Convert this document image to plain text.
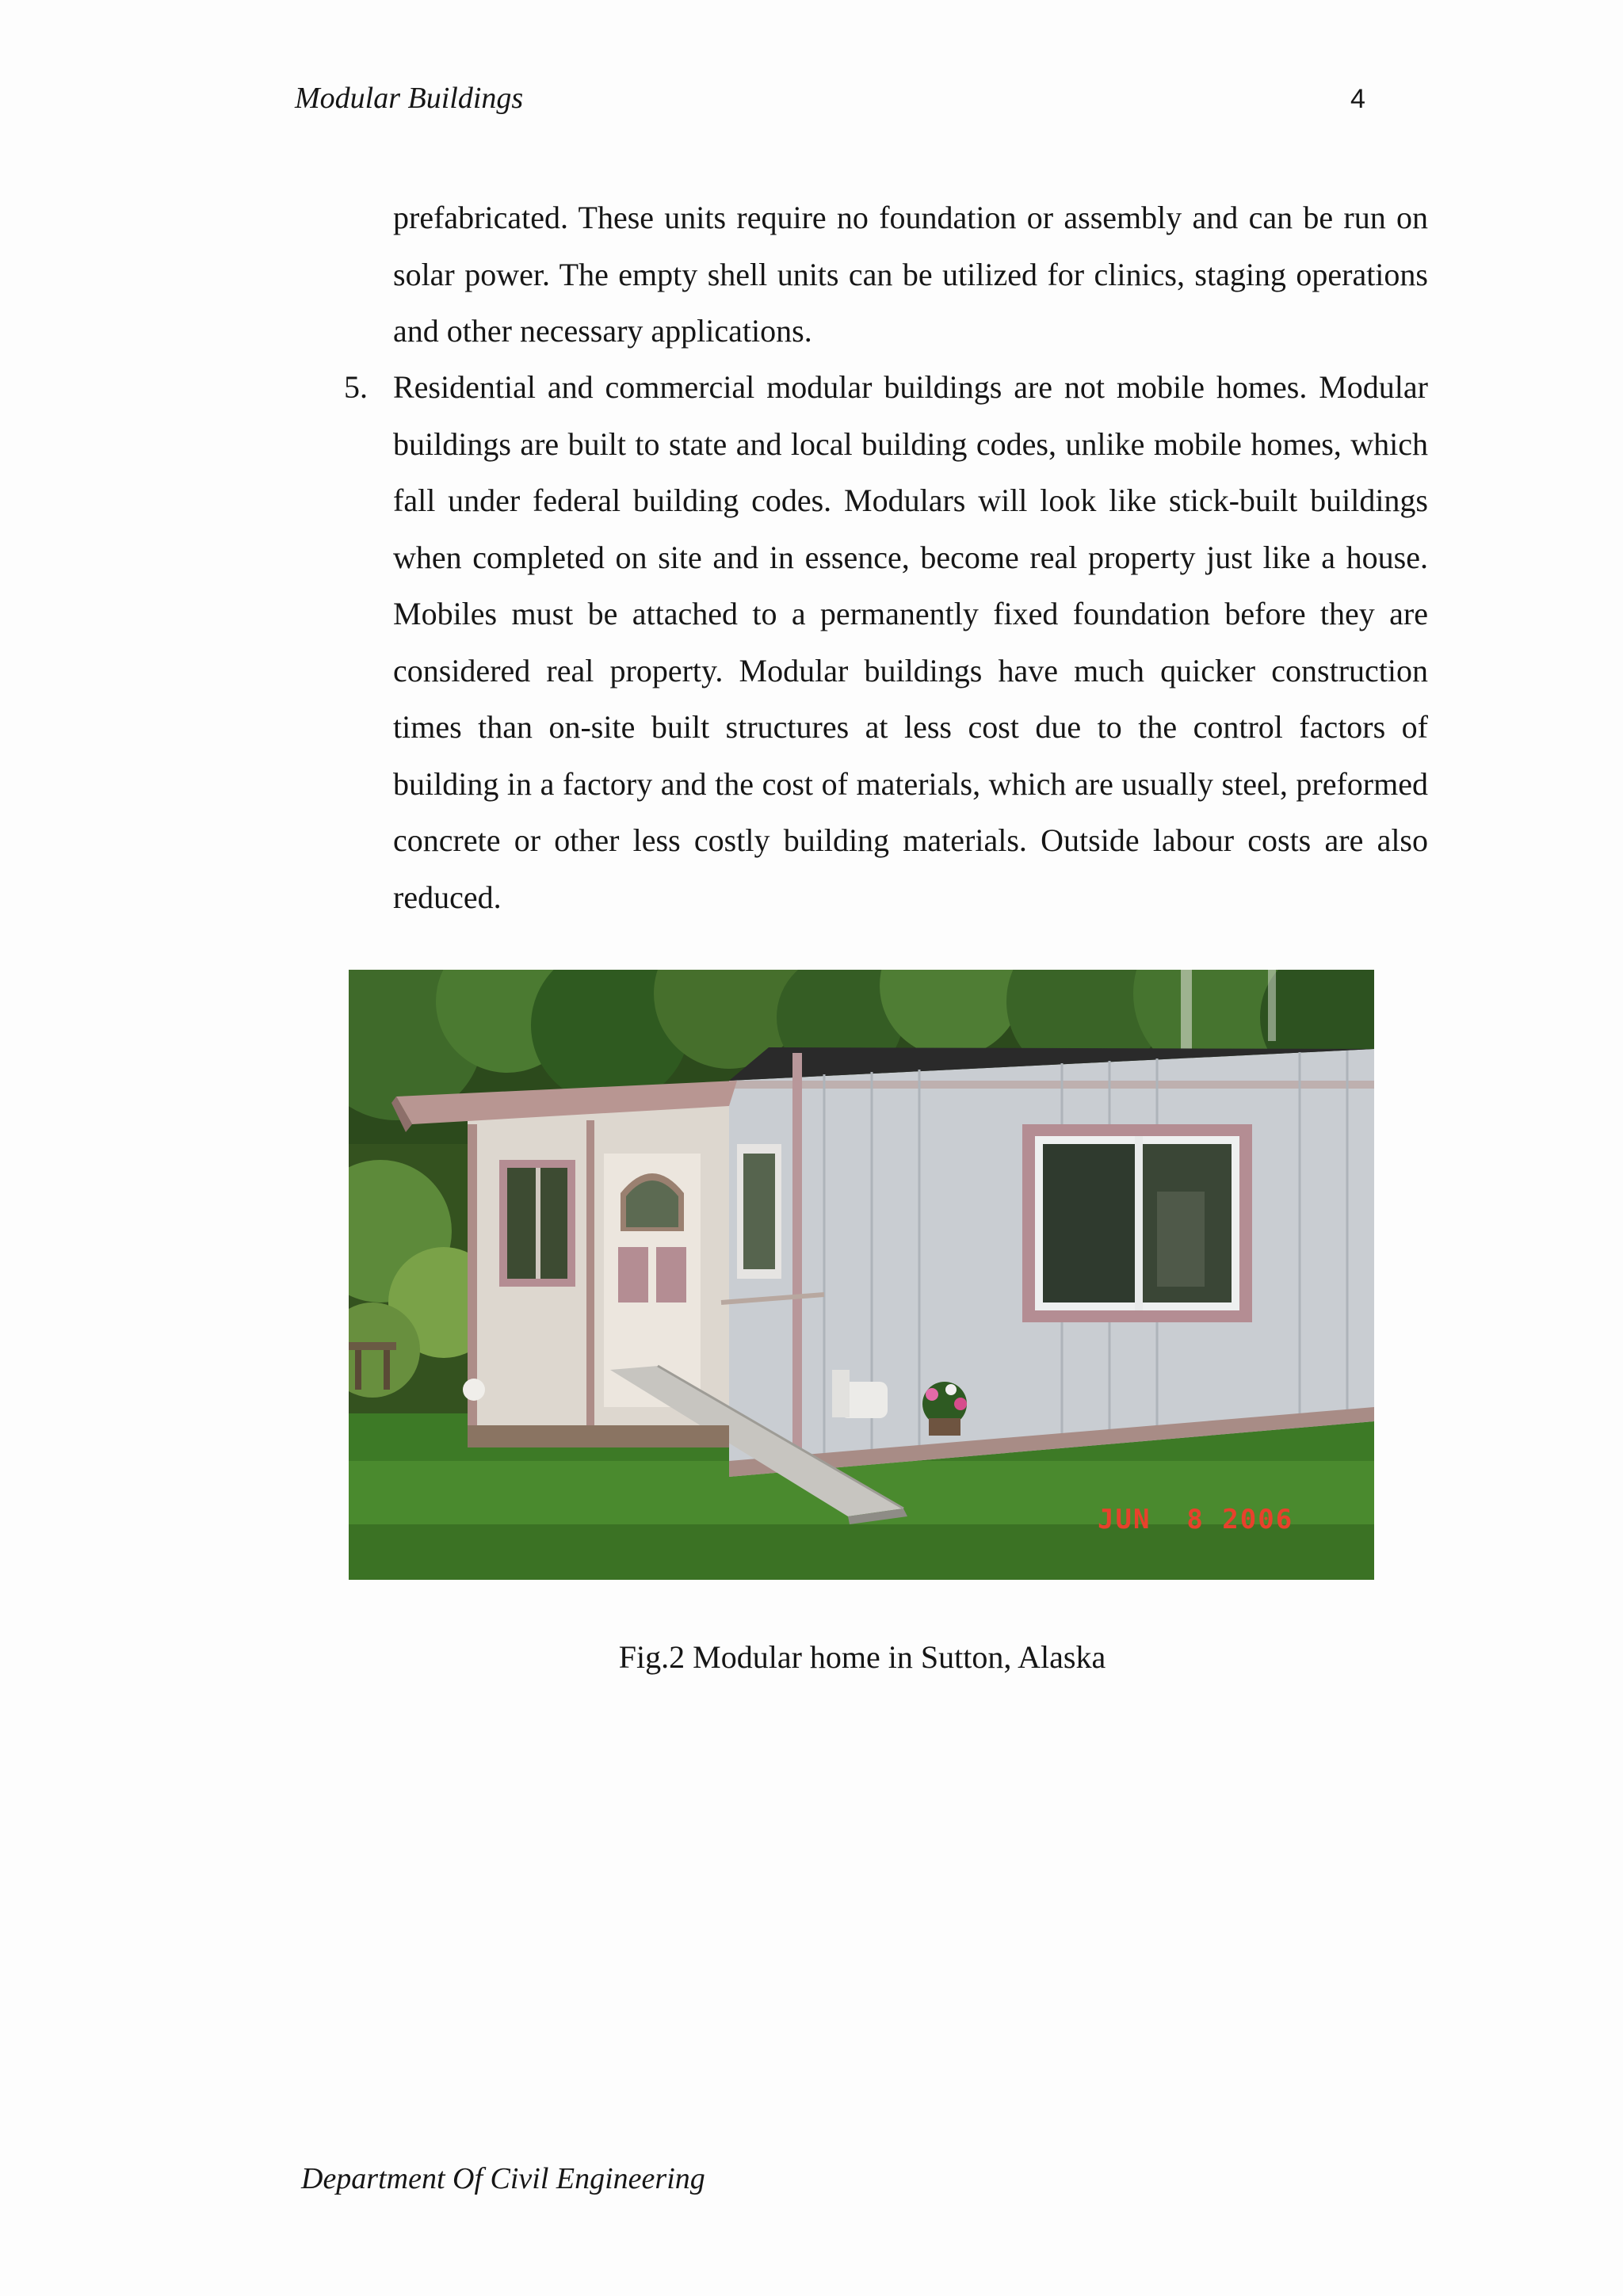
Modular Buildings	4
prefabricated. These units require no foundation or assembly and can be run on solar power. The empty shell units can be utilized for clinics, staging operations and other necessary applications.
5. Residential and commercial modular buildings are not mobile homes. Modular buildings are built to state and local building codes, unlike mobile homes, which fall under federal building codes. Modulars will look like stick-built buildings when completed on site and in essence, become real property just like a house. Mobiles must be attached to a permanently fixed foundation before they are considered real property. Modular buildings have much quicker construction times than on-site built structures at less cost due to the control factors of building in a factory and the cost of materials, which are usually steel, preformed concrete or other less costly building materials. Outside labour costs are also reduced.
JUN  8 2006
Fig.2 Modular home in Sutton, Alaska
Department Of Civil Engineering
